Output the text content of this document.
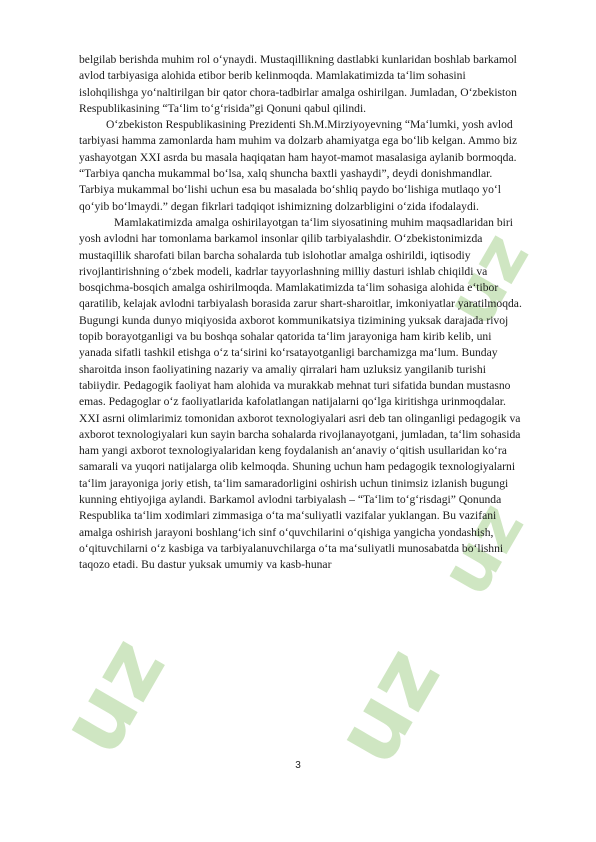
uz uz
uz
uz

belgilab berishda muhim rol o‘ynaydi. Mustaqillikning dastlabki kunlaridan boshlab barkamol avlod tarbiyasiga alohida etibor berib kelinmoqda. Mamlakatimizda ta‘lim sohasini islohqilishga yo‘naltirilgan bir qator chora-tadbirlar amalga oshirilgan. Jumladan, O‘zbekiston Respublikasining “Ta‘lim to‘g‘risida”gi Qonuni qabul qilindi.

O‘zbekiston Respublikasining Prezidenti Sh.M.Mirziyoyevning “Ma‘lumki, yosh avlod tarbiyasi hamma zamonlarda ham muhim va dolzarb ahamiyatga ega bo‘lib kelgan. Ammo biz yashayotgan XXI asrda bu masala haqiqatan ham hayot-mamot masalasiga aylanib bormoqda. “Tarbiya qancha mukammal bo‘lsa, xalq shuncha baxtli yashaydi”, deydi donishmandlar. Tarbiya mukammal bo‘lishi uchun esa bu masalada bo‘shliq paydo bo‘lishiga mutlaqo yo‘l qo‘yib bo‘lmaydi.” degan fikrlari tadqiqot ishimizning dolzarbligini o‘zida ifodalaydi.

Mamlakatimizda amalga oshirilayotgan ta‘lim siyosatining muhim maqsadlaridan biri yosh avlodni har tomonlama barkamol insonlar qilib tarbiyalashdir. O‘zbekistonimizda mustaqillik sharofati bilan barcha sohalarda tub islohotlar amalga oshirildi, iqtisodiy rivojlantirishning o‘zbek modeli, kadrlar tayyorlashning milliy dasturi ishlab chiqildi va bosqichma-bosqich amalga oshirilmoqda. Mamlakatimizda ta‘lim sohasiga alohida e‘tibor qaratilib, kelajak avlodni tarbiyalash borasida zarur shart-sharoitlar, imkoniyatlar yaratilmoqda. Bugungi kunda dunyo miqiyosida axborot kommunikatsiya tizimining yuksak darajada rivoj topib borayotganligi va bu boshqa sohalar qatorida ta‘lim jarayoniga ham kirib kelib, uni yanada sifatli tashkil etishga o‘z ta‘sirini ko‘rsatayotganligi barchamizga ma‘lum. Bunday sharoitda inson faoliyatining nazariy va amaliy qirralari ham uzluksiz yangilanib turishi tabiiydir. Pedagogik faoliyat ham alohida va murakkab mehnat turi sifatida bundan mustasno emas. Pedagoglar o‘z faoliyatlarida kafolatlangan natijalarni qo‘lga kiritishga urinmoqdalar. XXI asrni olimlarimiz tomonidan axborot texnologiyalari asri deb tan olinganligi pedagogik va axborot texnologiyalari kun sayin barcha sohalarda rivojlanayotgani, jumladan, ta‘lim sohasida ham yangi axborot texnologiyalaridan keng foydalanish an‘anaviy o‘qitish usullaridan ko‘ra samarali va yuqori natijalarga olib kelmoqda. Shuning uchun ham pedagogik texnologiyalarni ta‘lim jarayoniga joriy etish, ta‘lim samaradorligini oshirish uchun tinimsiz izlanish bugungi kunning ehtiyojiga aylandi. Barkamol avlodni tarbiyalash – “Ta‘lim to‘g‘risdagi” Qonunda Respublika ta‘lim xodimlari zimmasiga o‘ta ma‘suliyatli vazifalar yuklangan. Bu vazifani amalga oshirish jarayoni boshlang‘ich sinf o‘quvchilarini o‘qishiga yangicha yondashish, o‘qituvchilarni o‘z kasbiga va tarbiyalanuvchilarga o‘ta ma‘suliyatli munosabatda bo‘lishni taqozo etadi. Bu dastur yuksak umumiy va kasb-hunar

3
